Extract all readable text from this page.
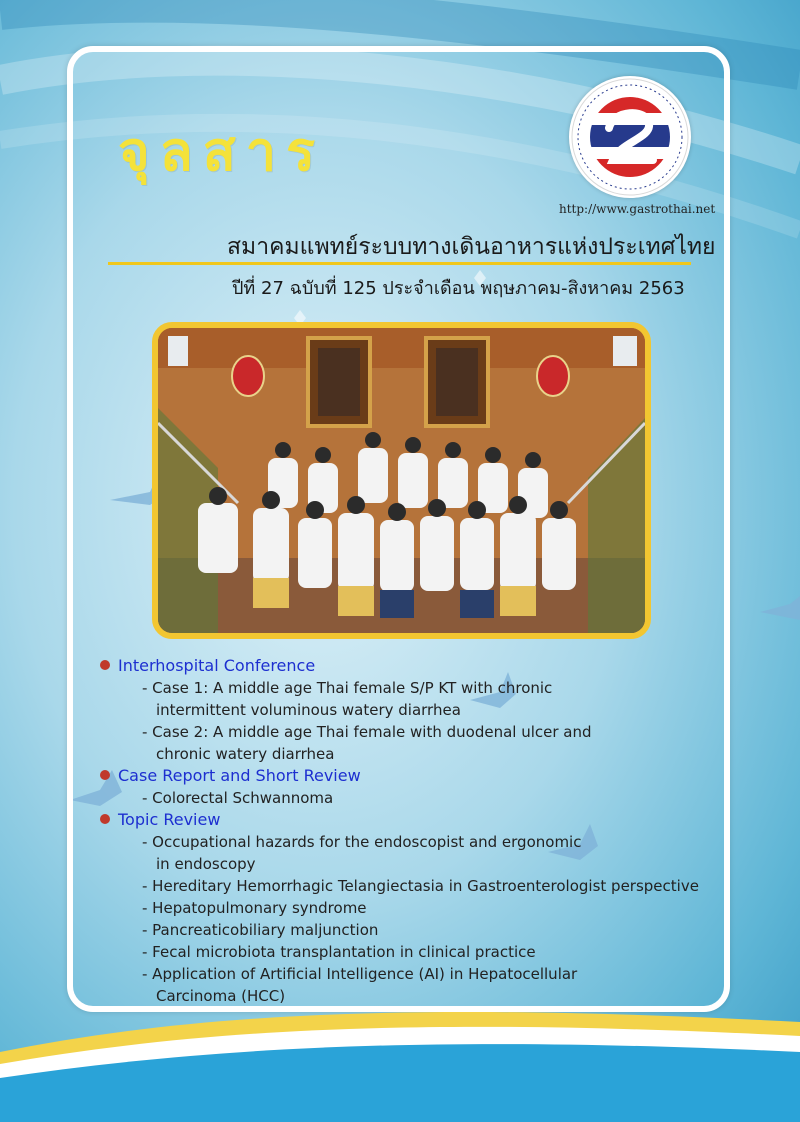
จุลสาร
http://www.gastrothai.net
สมาคมแพทย์ระบบทางเดินอาหารแห่งประเทศไทย
ปีที่ 27 ฉบับที่ 125 ประจำเดือน พฤษภาคม-สิงหาคม 2563
Interhospital Conference
- Case 1: A middle age Thai female S/P KT with chronic
intermittent voluminous watery diarrhea
- Case 2: A middle age Thai female with duodenal ulcer and
chronic watery diarrhea
Case Report and Short Review
- Colorectal Schwannoma
Topic Review
- Occupational hazards for the endoscopist and ergonomic
in endoscopy
- Hereditary Hemorrhagic Telangiectasia in Gastroenterologist perspective
- Hepatopulmonary syndrome
- Pancreaticobiliary maljunction
- Fecal microbiota transplantation in clinical practice
- Application of Artificial Intelligence (AI) in Hepatocellular
Carcinoma (HCC)
